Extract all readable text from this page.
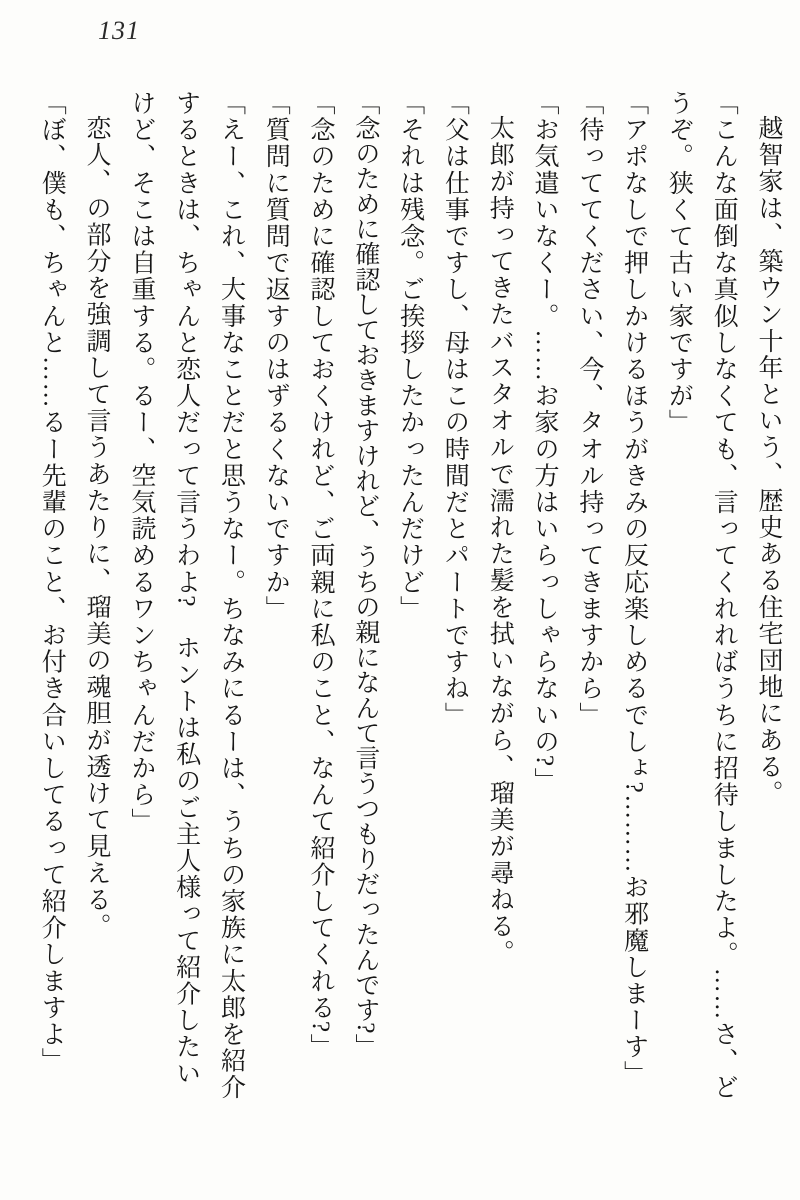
131

越智家は、築ウン十年という、歴史ある住宅団地にある。

「こんな面倒な真似しなくても、言ってくれればうちに招待しましたよ。……さ、どうぞ。狭くて古い家ですが」

「アポなしで押しかけるほうがきみの反応楽しめるでしょ?………お邪魔しまーす」

「待っててください、今、タオル持ってきますから」

「お気遣いなくー。……お家の方はいらっしゃらないの?」

太郎が持ってきたバスタオルで濡れた髪を拭いながら、瑠美が尋ねる。

「父は仕事ですし、母はこの時間だとパートですね」

「それは残念。ご挨拶したかったんだけど」

「念のために確認しておきますけれど、うちの親になんて言うつもりだったんです?」

「念のために確認しておくけれど、ご両親に私のこと、なんて紹介してくれる?」

「質問に質問で返すのはずるくないですか」

「えー、これ、大事なことだと思うなー。ちなみにるーは、うちの家族に太郎を紹介するときは、ちゃんと恋人だって言うわよ?　ホントは私のご主人様って紹介したいけど、そこは自重する。るー、空気読めるワンちゃんだから」

恋人、の部分を強調して言うあたりに、瑠美の魂胆が透けて見える。

「ぼ、僕も、ちゃんと……るー先輩のこと、お付き合いしてるって紹介しますよ」
